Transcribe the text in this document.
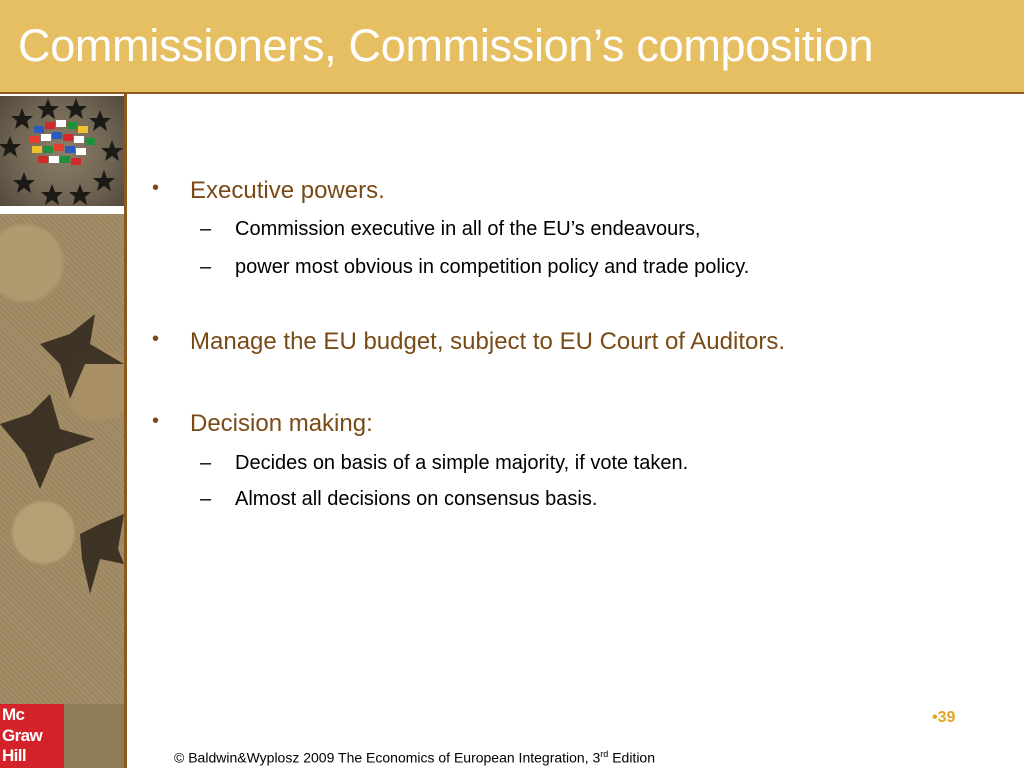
Commissioners, Commission’s composition
Mc
Graw
Hill
• Executive powers.
– Commission executive in all of the EU’s endeavours,
– power most obvious in competition policy and trade policy.
• Manage the EU budget, subject to EU Court of Auditors.
• Decision making:
– Decides on basis of a simple majority, if vote taken.
– Almost all decisions on consensus basis.
•39
© Baldwin&Wyplosz 2009 The Economics of European Integration, 3rd Edition
